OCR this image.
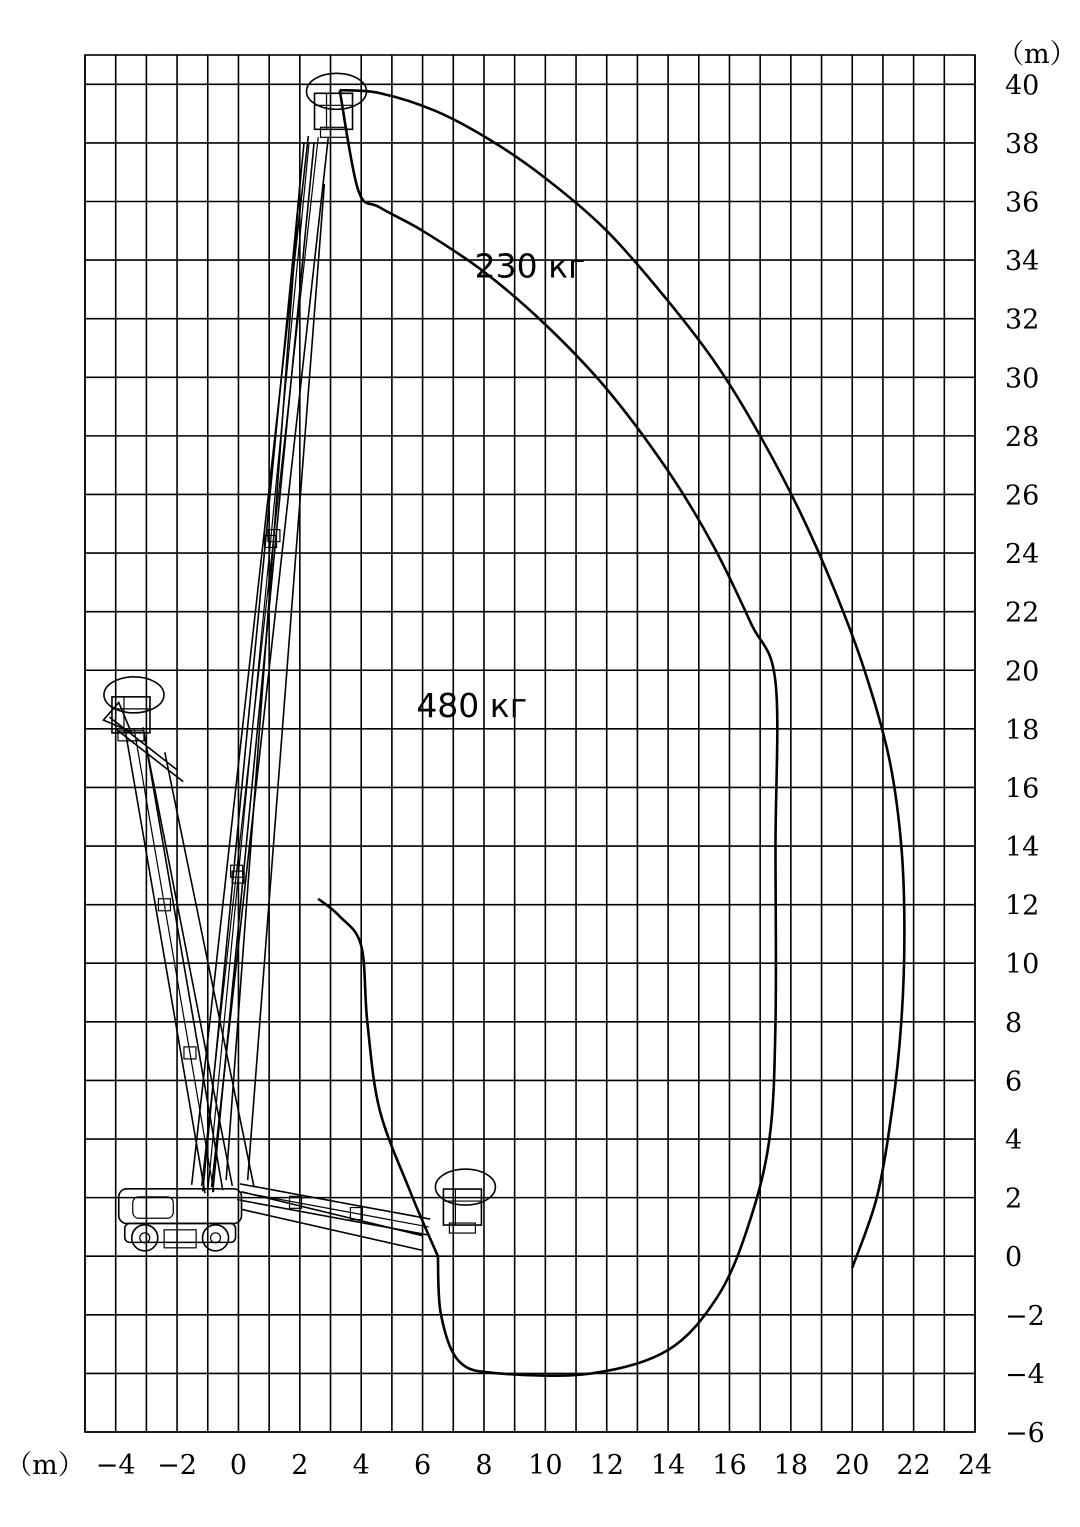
−4 −2 0 2 4 6 8 10 12 14 16 18 20 22 24
−6
−4
−2
0
2
4
6
8
10
12
14
16
18
20
22
24
26
28
30
32
34
36
38
40
（m）
（m）
230 кг
480 кг
